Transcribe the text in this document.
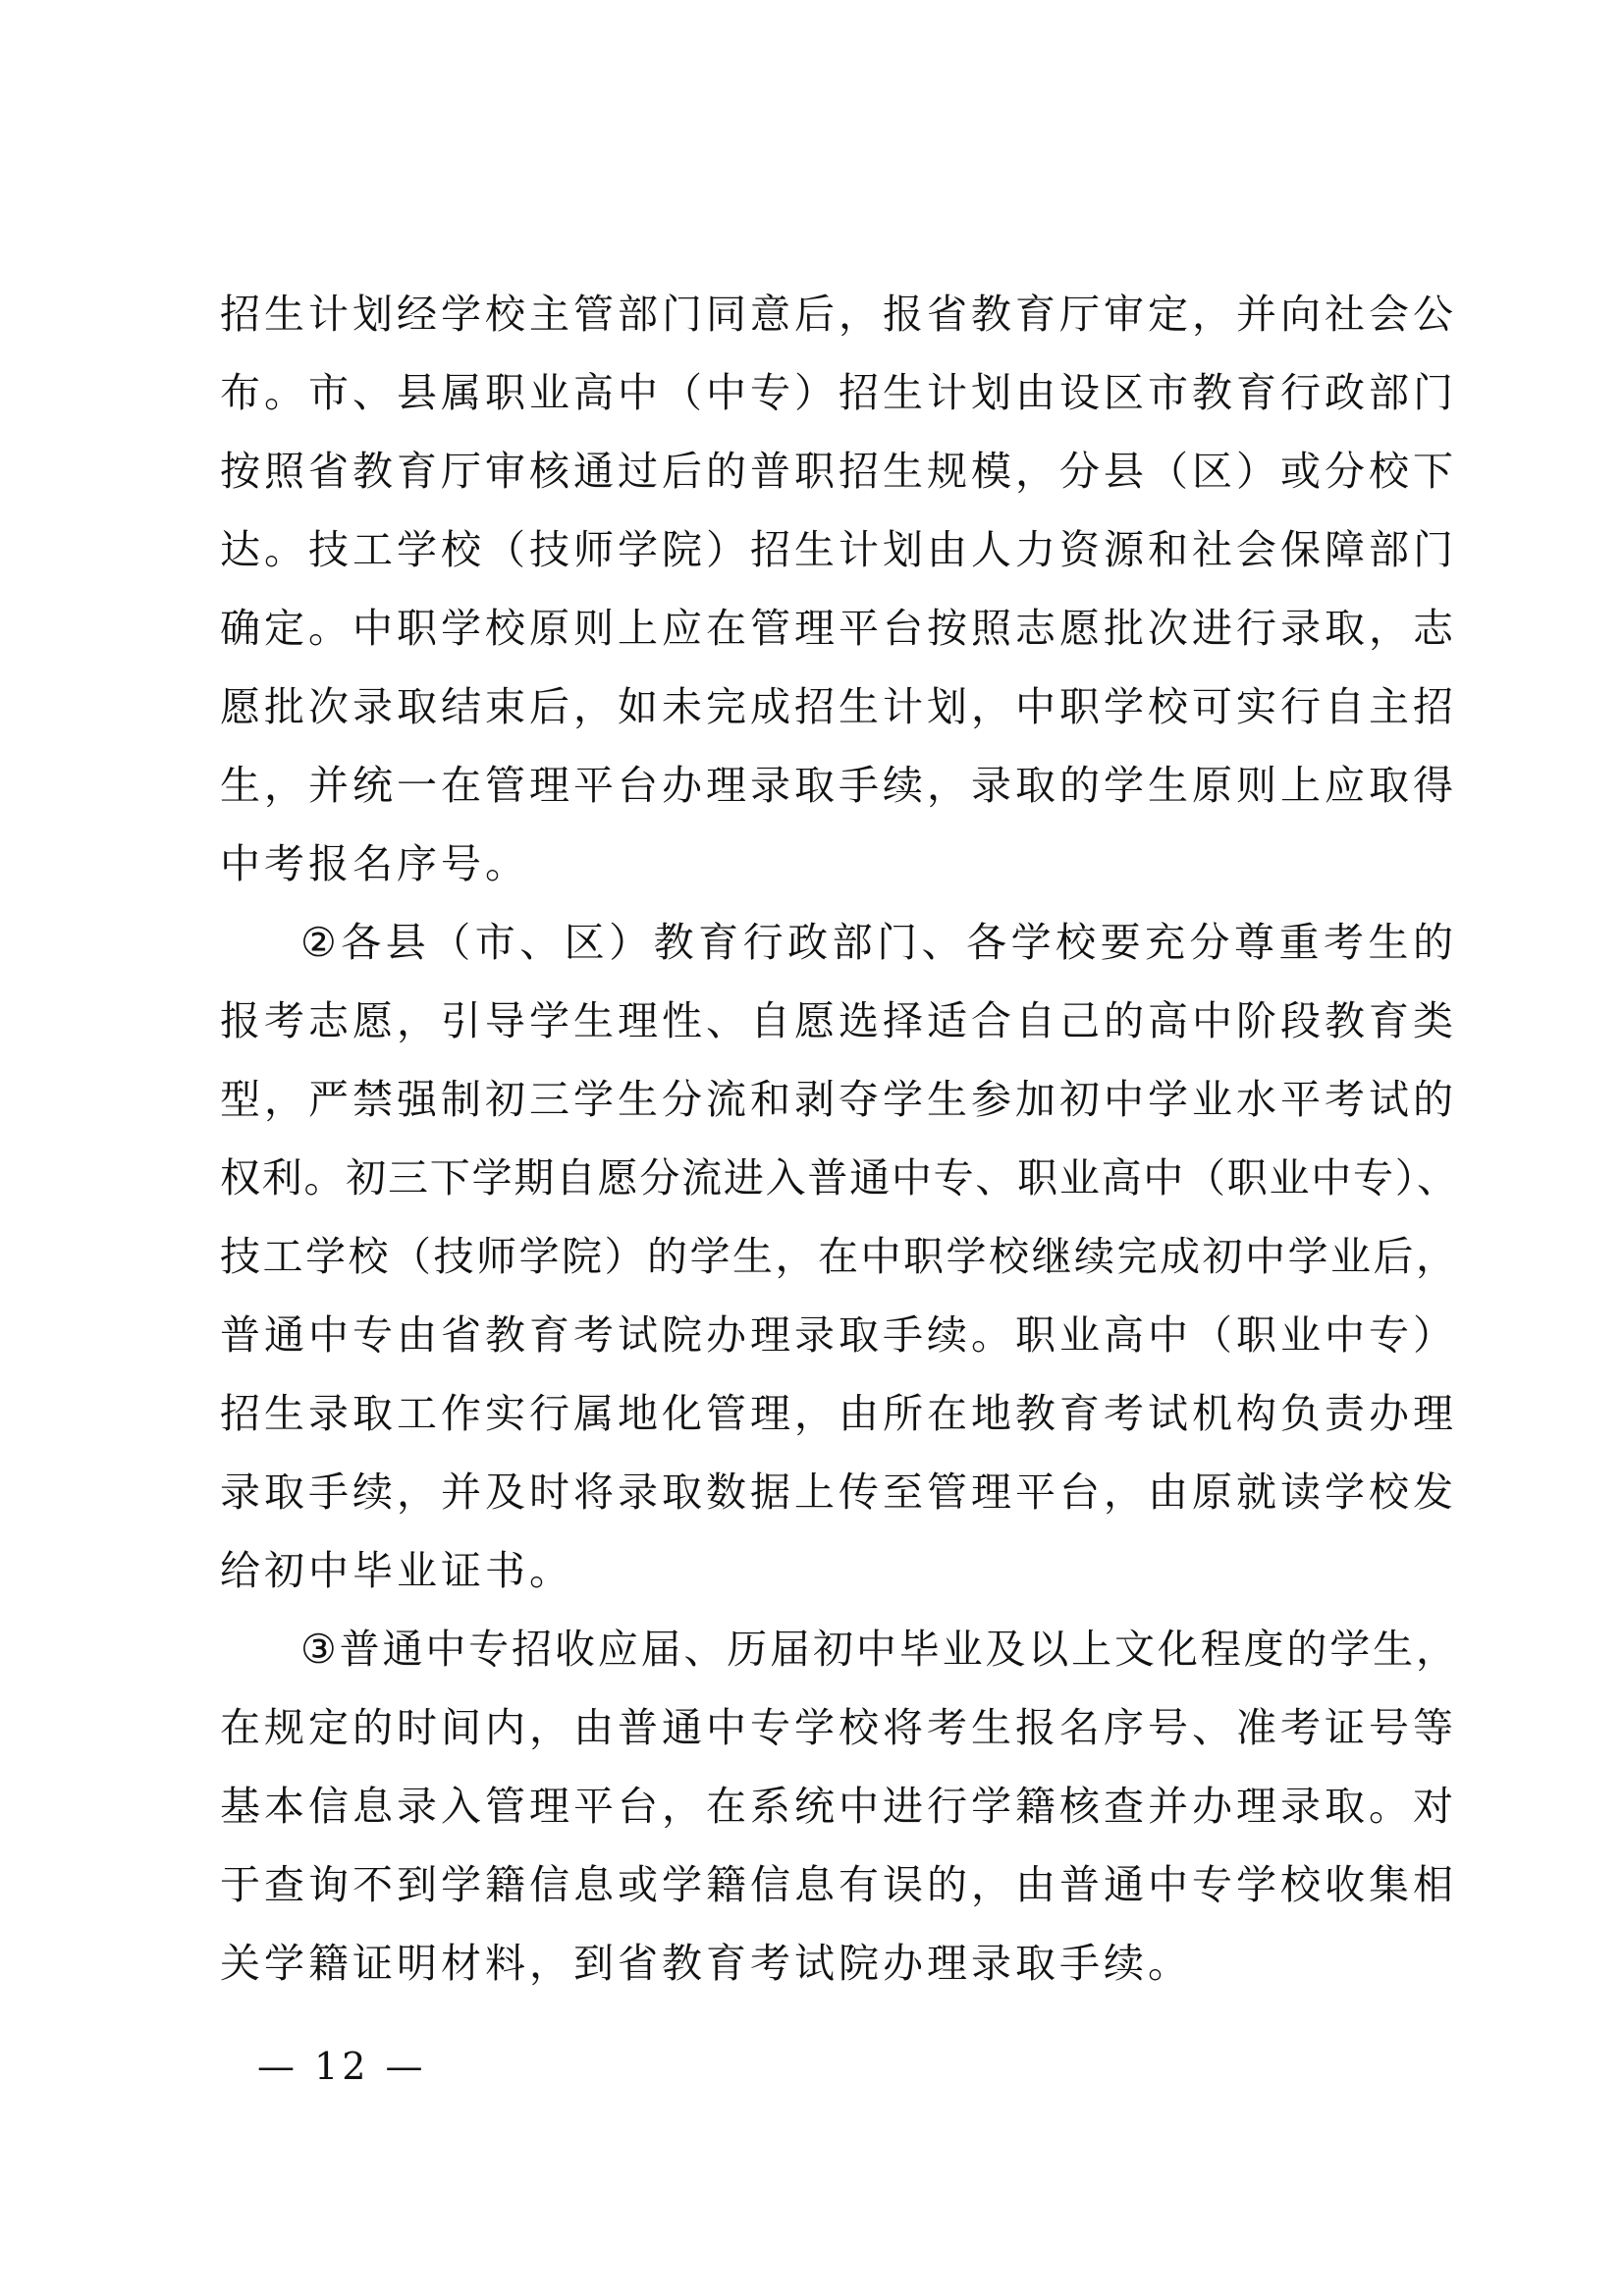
招生计划经学校主管部门同意后，报省教育厅审定，并向社会公
布。市、县属职业高中（中专）招生计划由设区市教育行政部门
按照省教育厅审核通过后的普职招生规模，分县（区）或分校下
达。技工学校（技师学院）招生计划由人力资源和社会保障部门
确定。中职学校原则上应在管理平台按照志愿批次进行录取，志
愿批次录取结束后，如未完成招生计划，中职学校可实行自主招
生，并统一在管理平台办理录取手续，录取的学生原则上应取得
中考报名序号。
②各县（市、区）教育行政部门、各学校要充分尊重考生的
报考志愿，引导学生理性、自愿选择适合自己的高中阶段教育类
型，严禁强制初三学生分流和剥夺学生参加初中学业水平考试的
权利。初三下学期自愿分流进入普通中专、职业高中（职业中专）、
技工学校（技师学院）的学生，在中职学校继续完成初中学业后，
普通中专由省教育考试院办理录取手续。职业高中（职业中专）
招生录取工作实行属地化管理，由所在地教育考试机构负责办理
录取手续，并及时将录取数据上传至管理平台，由原就读学校发
给初中毕业证书。
③普通中专招收应届、历届初中毕业及以上文化程度的学生，
在规定的时间内，由普通中专学校将考生报名序号、准考证号等
基本信息录入管理平台，在系统中进行学籍核查并办理录取。对
于查询不到学籍信息或学籍信息有误的，由普通中专学校收集相
关学籍证明材料，到省教育考试院办理录取手续。
— 12 —
